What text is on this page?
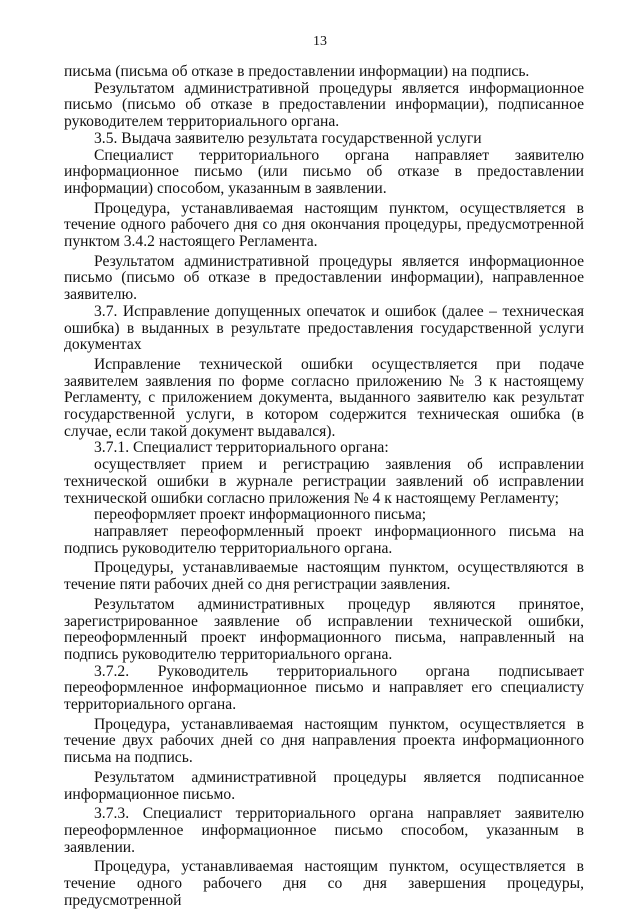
13

письма (письма об отказе в предоставлении информации) на подпись.

Результатом административной процедуры является информационное письмо (письмо об отказе в предоставлении информации), подписанное руководителем территориального органа.

3.5. Выдача заявителю результата государственной услуги

Специалист территориального органа направляет заявителю информационное письмо (или письмо об отказе в предоставлении информации) способом, указанным в заявлении.

Процедура, устанавливаемая настоящим пунктом, осуществляется в течение одного рабочего дня со дня окончания процедуры, предусмотренной пунктом 3.4.2 настоящего Регламента.

Результатом административной процедуры является информационное письмо (письмо об отказе в предоставлении информации), направленное заявителю.

3.7. Исправление допущенных опечаток и ошибок (далее – техническая ошибка) в выданных в результате предоставления государственной услуги документах

Исправление технической ошибки осуществляется при подаче заявителем заявления по форме согласно приложению № 3 к настоящему Регламенту, с приложением документа, выданного заявителю как результат государственной услуги, в котором содержится техническая ошибка (в случае, если такой документ выдавался).

3.7.1. Специалист территориального органа:

осуществляет прием и регистрацию заявления об исправлении технической ошибки в журнале регистрации заявлений об исправлении технической ошибки согласно приложения № 4 к настоящему Регламенту;

переоформляет проект информационного письма;

направляет переоформленный проект информационного письма на подпись руководителю территориального органа.

Процедуры, устанавливаемые настоящим пунктом, осуществляются в течение пяти рабочих дней со дня регистрации заявления.

Результатом административных процедур являются принятое, зарегистрированное заявление об исправлении технической ошибки, переоформленный проект информационного письма, направленный на подпись руководителю территориального органа.

3.7.2. Руководитель территориального органа подписывает переоформленное информационное письмо и направляет его специалисту территориального органа.

Процедура, устанавливаемая настоящим пунктом, осуществляется в течение двух рабочих дней со дня направления проекта информационного письма на подпись.

Результатом административной процедуры является подписанное информационное письмо.

3.7.3. Специалист территориального органа направляет заявителю переоформленное информационное письмо способом, указанным в заявлении.

Процедура, устанавливаемая настоящим пунктом, осуществляется в течение одного рабочего дня со дня завершения процедуры, предусмотренной
